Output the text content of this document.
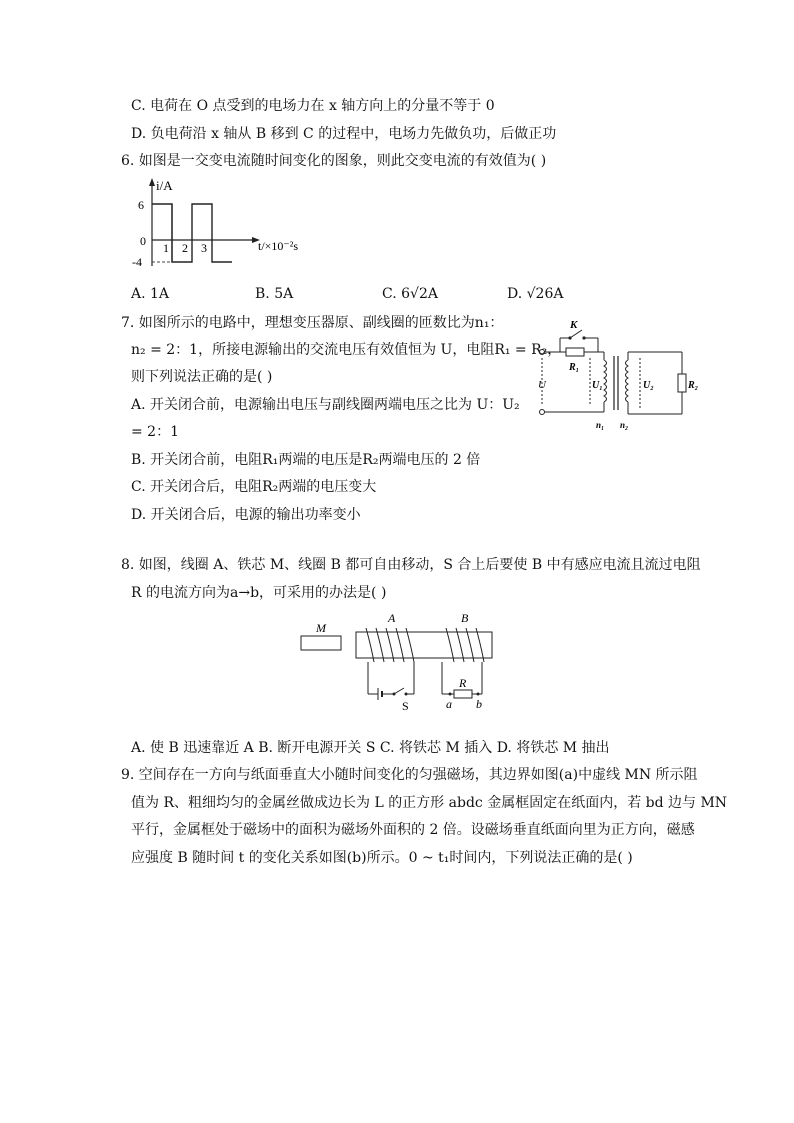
C. 电荷在 O 点受到的电场力在 x 轴方向上的分量不等于 0
D. 负电荷沿 x 轴从 B 移到 C 的过程中，电场力先做负功，后做正功
6. 如图是一交变电流随时间变化的图象，则此交变电流的有效值为( )
i/A
t/×10⁻²s
0
6
-4
1 2 3
A. 1A	B. 5A	C. 6√2A	D. √26A
7. 如图所示的电路中，理想变压器原、副线圈的匝数比为n₁：
n₂ = 2：1，所接电源输出的交流电压有效值恒为 U，电阻R₁ = R₂，
则下列说法正确的是( )
A. 开关闭合前，电源输出电压与副线圈两端电压之比为 U：U₂
= 2：1
B. 开关闭合前，电阻R₁两端的电压是R₂两端电压的 2 倍
C. 开关闭合后，电阻R₂两端的电压变大
D. 开关闭合后，电源的输出功率变小
U
K
R₁
U₁	U₂	R₂
n₁ n₂
8. 如图，线圈 A、铁芯 M、线圈 B 都可自由移动，S 合上后要使 B 中有感应电流且流过电阻
R 的电流方向为a→b，可采用的办法是( )
M
A	B
S
R
a b
A. 使 B 迅速靠近 A B. 断开电源开关 S C. 将铁芯 M 插入 D. 将铁芯 M 抽出
9. 空间存在一方向与纸面垂直大小随时间变化的匀强磁场，其边界如图(a)中虚线 MN 所示阻
值为 R、粗细均匀的金属丝做成边长为 L 的正方形 abdc 金属框固定在纸面内，若 bd 边与 MN
平行，金属框处于磁场中的面积为磁场外面积的 2 倍。设磁场垂直纸面向里为正方向，磁感
应强度 B 随时间 t 的变化关系如图(b)所示。0 ~ t₁时间内，下列说法正确的是( )
